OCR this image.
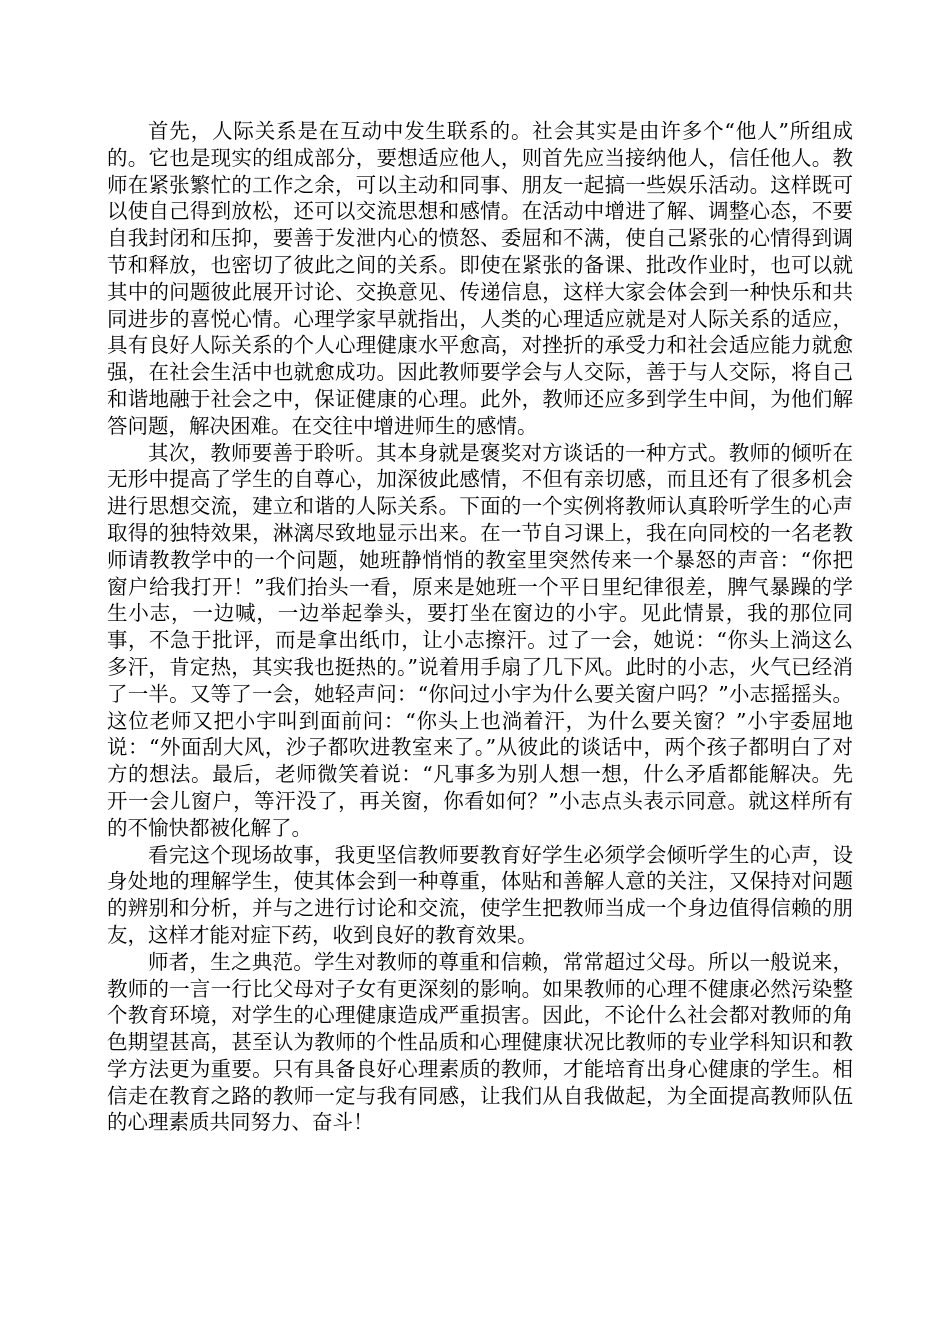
首先，人际关系是在互动中发生联系的。社会其实是由许多个“他人”所组成的。它也是现实的组成部分，要想适应他人，则首先应当接纳他人，信任他人。教师在紧张繁忙的工作之余，可以主动和同事、朋友一起搞一些娱乐活动。这样既可以使自己得到放松，还可以交流思想和感情。在活动中增进了解、调整心态，不要自我封闭和压抑，要善于发泄内心的愤怒、委屈和不满，使自己紧张的心情得到调节和释放，也密切了彼此之间的关系。即使在紧张的备课、批改作业时，也可以就其中的问题彼此展开讨论、交换意见、传递信息，这样大家会体会到一种快乐和共同进步的喜悦心情。心理学家早就指出，人类的心理适应就是对人际关系的适应，具有良好人际关系的个人心理健康水平愈高，对挫折的承受力和社会适应能力就愈强，在社会生活中也就愈成功。因此教师要学会与人交际，善于与人交际，将自己和谐地融于社会之中，保证健康的心理。此外，教师还应多到学生中间，为他们解答问题，解决困难。在交往中增进师生的感情。

其次，教师要善于聆听。其本身就是褒奖对方谈话的一种方式。教师的倾听在无形中提高了学生的自尊心，加深彼此感情，不但有亲切感，而且还有了很多机会进行思想交流，建立和谐的人际关系。下面的一个实例将教师认真聆听学生的心声取得的独特效果，淋漓尽致地显示出来。在一节自习课上，我在向同校的一名老教师请教教学中的一个问题，她班静悄悄的教室里突然传来一个暴怒的声音：“你把窗户给我打开！”我们抬头一看，原来是她班一个平日里纪律很差，脾气暴躁的学生小志，一边喊，一边举起拳头，要打坐在窗边的小宇。见此情景，我的那位同事，不急于批评，而是拿出纸巾，让小志擦汗。过了一会，她说：“你头上淌这么多汗，肯定热，其实我也挺热的。”说着用手扇了几下风。此时的小志，火气已经消了一半。又等了一会，她轻声问：“你问过小宇为什么要关窗户吗？”小志摇摇头。这位老师又把小宇叫到面前问：“你头上也淌着汗，为什么要关窗？”小宇委屈地说：“外面刮大风，沙子都吹进教室来了。”从彼此的谈话中，两个孩子都明白了对方的想法。最后，老师微笑着说：“凡事多为别人想一想，什么矛盾都能解决。先开一会儿窗户，等汗没了，再关窗，你看如何？”小志点头表示同意。就这样所有的不愉快都被化解了。

看完这个现场故事，我更坚信教师要教育好学生必须学会倾听学生的心声，设身处地的理解学生，使其体会到一种尊重，体贴和善解人意的关注，又保持对问题的辨别和分析，并与之进行讨论和交流，使学生把教师当成一个身边值得信赖的朋友，这样才能对症下药，收到良好的教育效果。

师者，生之典范。学生对教师的尊重和信赖，常常超过父母。所以一般说来，教师的一言一行比父母对子女有更深刻的影响。如果教师的心理不健康必然污染整个教育环境，对学生的心理健康造成严重损害。因此，不论什么社会都对教师的角色期望甚高，甚至认为教师的个性品质和心理健康状况比教师的专业学科知识和教学方法更为重要。只有具备良好心理素质的教师，才能培育出身心健康的学生。相信走在教育之路的教师一定与我有同感，让我们从自我做起，为全面提高教师队伍的心理素质共同努力、奋斗！
